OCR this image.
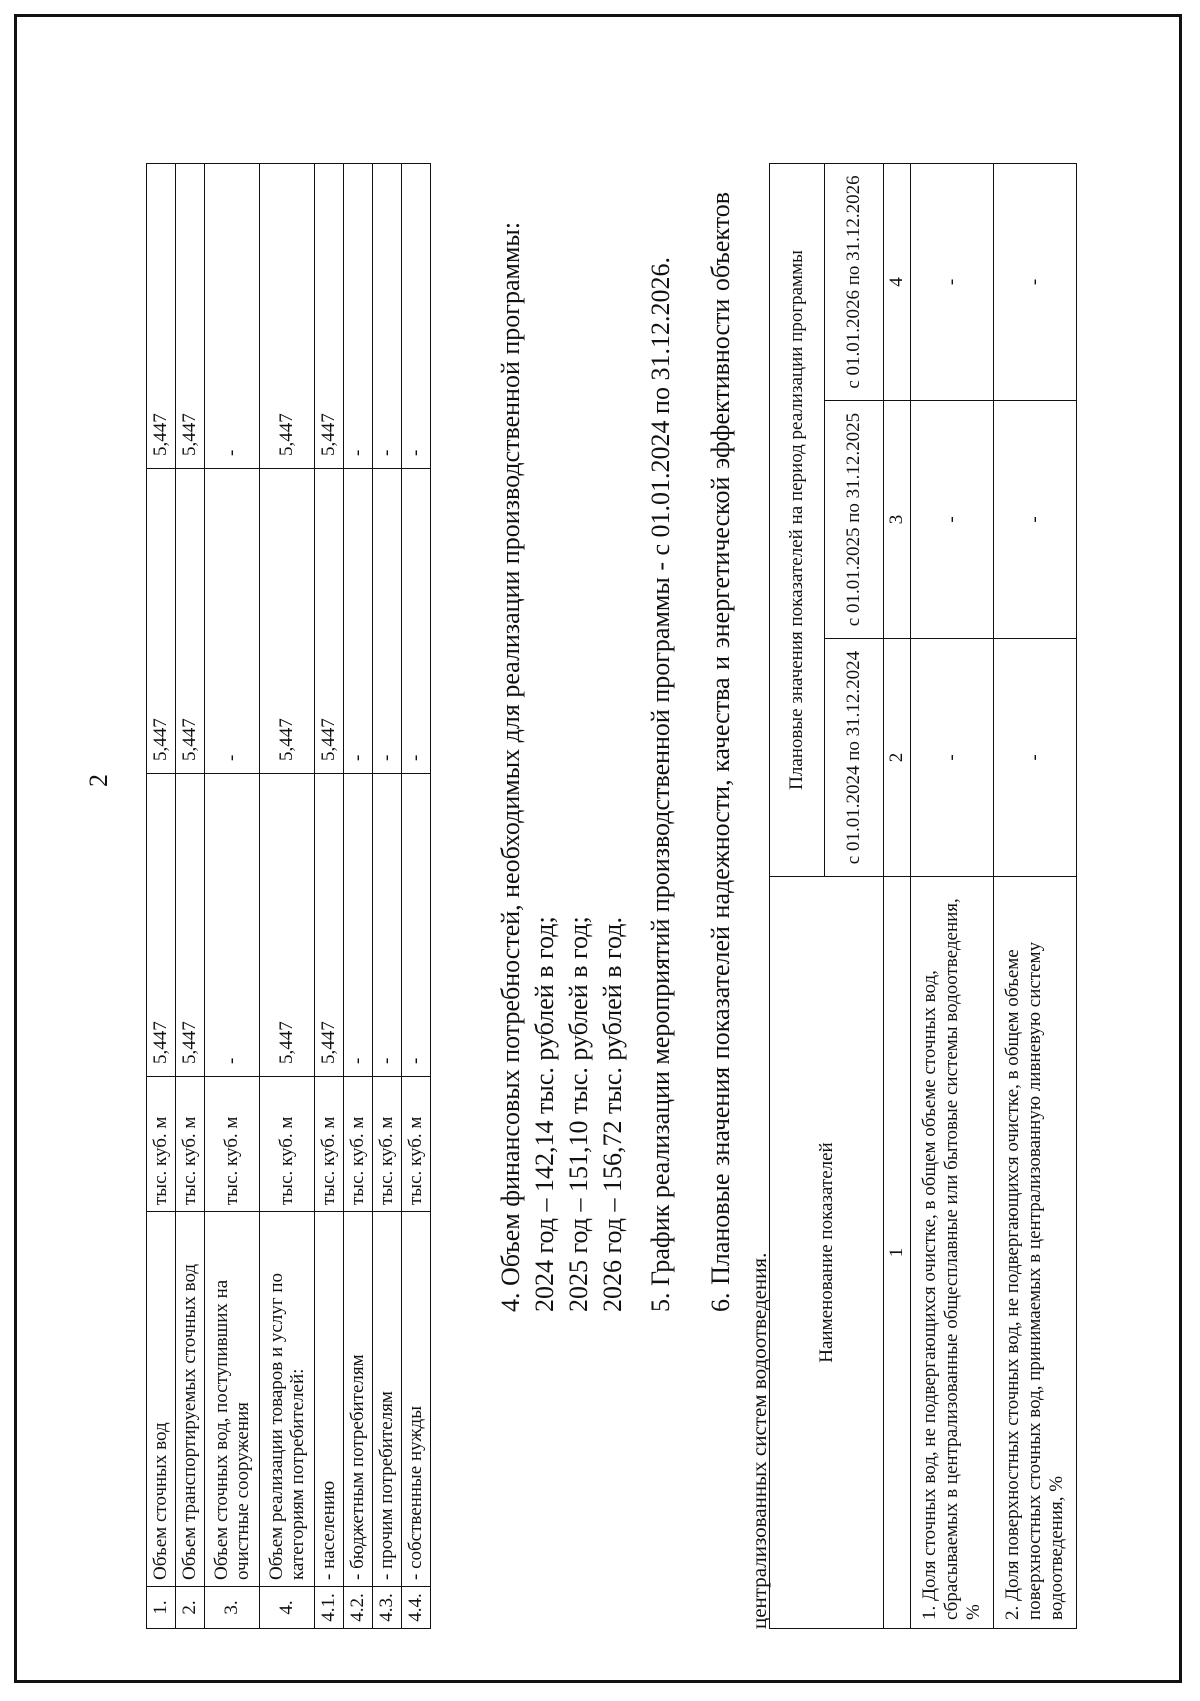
2
1.	Объем сточных вод	тыс. куб. м	5,447	5,447	5,447
2.	Объем транспортируемых сточных вод	тыс. куб. м	5,447	5,447	5,447
3.	Объем сточных вод, поступивших на очистные сооружения	тыс. куб. м	-	-	-
4.	Объем реализации товаров и услуг по категориям потребителей:	тыс. куб. м	5,447	5,447	5,447
4.1.	- населению	тыс. куб. м	5,447	5,447	5,447
4.2.	- бюджетным потребителям	тыс. куб. м	-	-	-
4.3.	- прочим потребителям	тыс. куб. м	-	-	-
4.4.	- собственные нужды	тыс. куб. м	-	-	-	4. Объем финансовых потребностей, необходимых для реализации производственной программы: 2024 год – 142,14 тыс. рублей в год; 2025 год – 151,10 тыс. рублей в год; 2026 год – 156,72 тыс. рублей в год. 5. График реализации мероприятий производственной программы - с 01.01.2024 по 31.12.2026. 6. Плановые значения показателей надежности, качества и энергетической эффективности объектов
централизованных систем водоотведения.
Наименование показателей	Плановые значения показателей на период реализации программы		
	с 01.01.2024 по 31.12.2024	с 01.01.2025 по 31.12.2025	с 01.01.2026 по 31.12.2026
1	2	3	4
1. Доля сточных вод, не подвергающихся очистке, в общем объеме сточных вод, сбрасываемых в централизованные общесплавные или бытовые системы водоотведения, %	-	-	-
2. Доля поверхностных сточных вод, не подвергающихся очистке, в общем объеме поверхностных сточных вод, принимаемых в централизованную ливневую систему водоотведения, %	-	-	-
